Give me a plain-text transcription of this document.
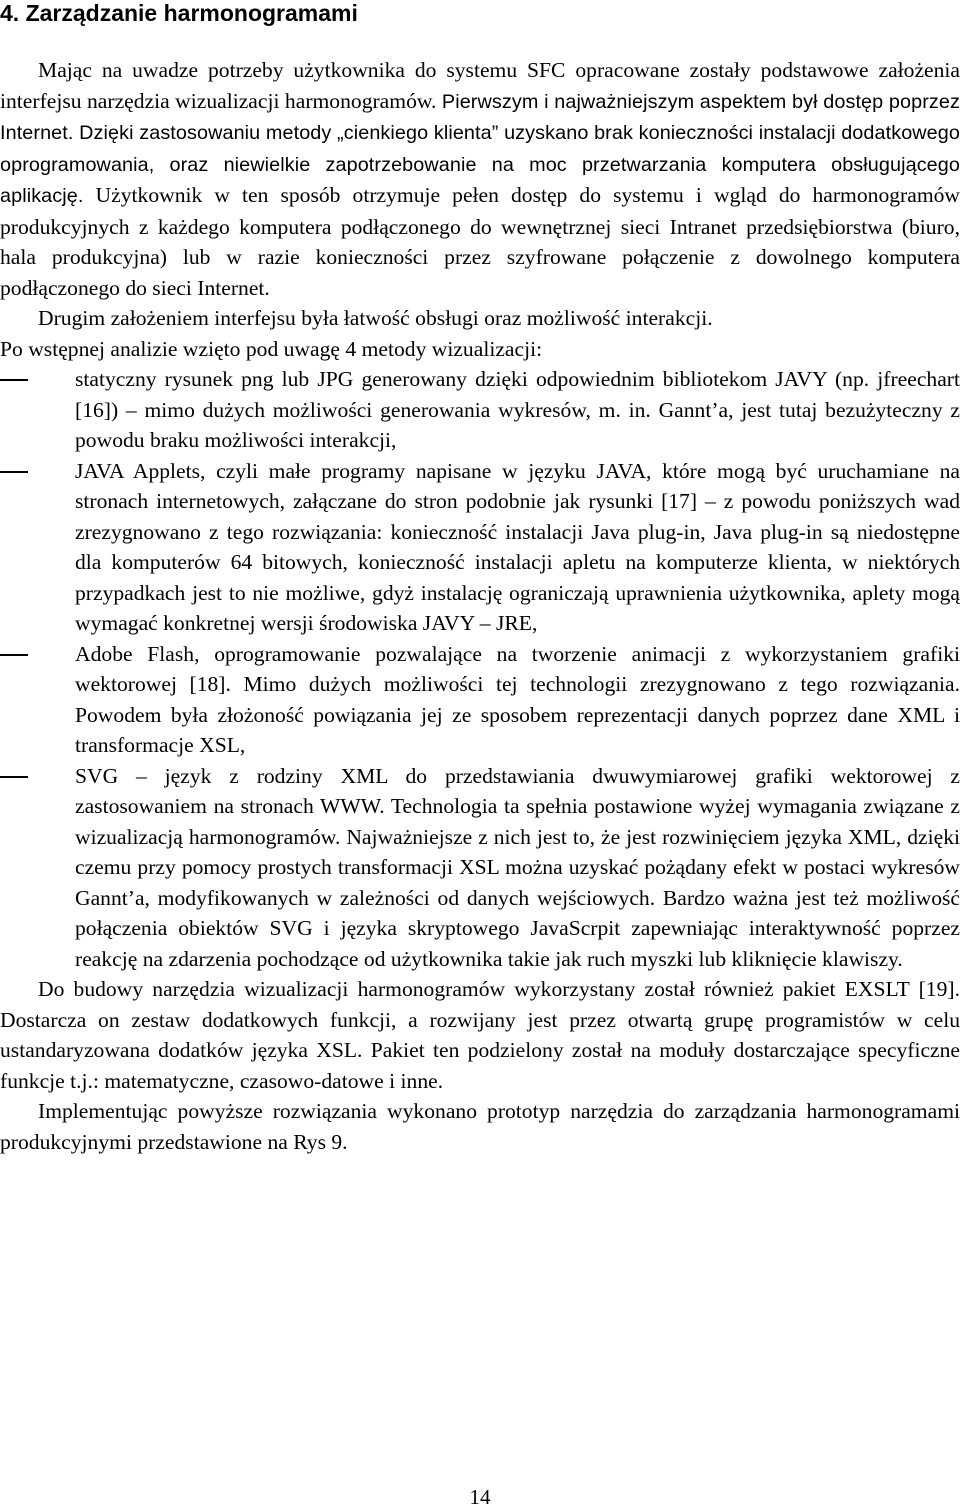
4. Zarządzanie harmonogramami

Mając na uwadze potrzeby użytkownika do systemu SFC opracowane zostały podstawowe założenia interfejsu narzędzia wizualizacji harmonogramów. Pierwszym i najważniejszym aspektem był dostęp poprzez Internet. Dzięki zastosowaniu metody „cienkiego klienta” uzyskano brak konieczności instalacji dodatkowego oprogramowania, oraz niewielkie zapotrzebowanie na moc przetwarzania komputera obsługującego aplikację. Użytkownik w ten sposób otrzymuje pełen dostęp do systemu i wgląd do harmonogramów produkcyjnych z każdego komputera podłączonego do wewnętrznej sieci Intranet przedsiębiorstwa (biuro, hala produkcyjna) lub w razie konieczności przez szyfrowane połączenie z dowolnego komputera podłączonego do sieci Internet.

Drugim założeniem interfejsu była łatwość obsługi oraz możliwość interakcji.

Po wstępnej analizie wzięto pod uwagę 4 metody wizualizacji:

statyczny rysunek png lub JPG generowany dzięki odpowiednim bibliotekom JAVY (np. jfreechart [16]) – mimo dużych możliwości generowania wykresów, m. in. Gannt’a, jest tutaj bezużyteczny z powodu braku możliwości interakcji,
JAVA Applets, czyli małe programy napisane w języku JAVA, które mogą być uruchamiane na stronach internetowych, załączane do stron podobnie jak rysunki [17] – z powodu poniższych wad zrezygnowano z tego rozwiązania: konieczność instalacji Java plug-in, Java plug-in są niedostępne dla komputerów 64 bitowych, konieczność instalacji apletu na komputerze klienta, w niektórych przypadkach jest to nie możliwe, gdyż instalację ograniczają uprawnienia użytkownika, aplety mogą wymagać konkretnej wersji środowiska JAVY – JRE,
Adobe Flash, oprogramowanie pozwalające na tworzenie animacji z wykorzystaniem grafiki wektorowej [18]. Mimo dużych możliwości tej technologii zrezygnowano z tego rozwiązania. Powodem była złożoność powiązania jej ze sposobem reprezentacji danych poprzez dane XML i transformacje XSL,
SVG – język z rodziny XML do przedstawiania dwuwymiarowej grafiki wektorowej z zastosowaniem na stronach WWW. Technologia ta spełnia postawione wyżej wymagania związane z wizualizacją harmonogramów. Najważniejsze z nich jest to, że jest rozwinięciem języka XML, dzięki czemu przy pomocy prostych transformacji XSL można uzyskać pożądany efekt w postaci wykresów Gannt’a, modyfikowanych w zależności od danych wejściowych. Bardzo ważna jest też możliwość połączenia obiektów SVG i języka skryptowego JavaScrpit zapewniając interaktywność poprzez reakcję na zdarzenia pochodzące od użytkownika takie jak ruch myszki lub kliknięcie klawiszy.

Do budowy narzędzia wizualizacji harmonogramów wykorzystany został również pakiet EXSLT [19]. Dostarcza on zestaw dodatkowych funkcji, a rozwijany jest przez otwartą grupę programistów w celu ustandaryzowana dodatków języka XSL. Pakiet ten podzielony został na moduły dostarczające specyficzne funkcje t.j.: matematyczne, czasowo-datowe i inne.

Implementując powyższe rozwiązania wykonano prototyp narzędzia do zarządzania harmonogramami produkcyjnymi przedstawione na Rys 9.

14
